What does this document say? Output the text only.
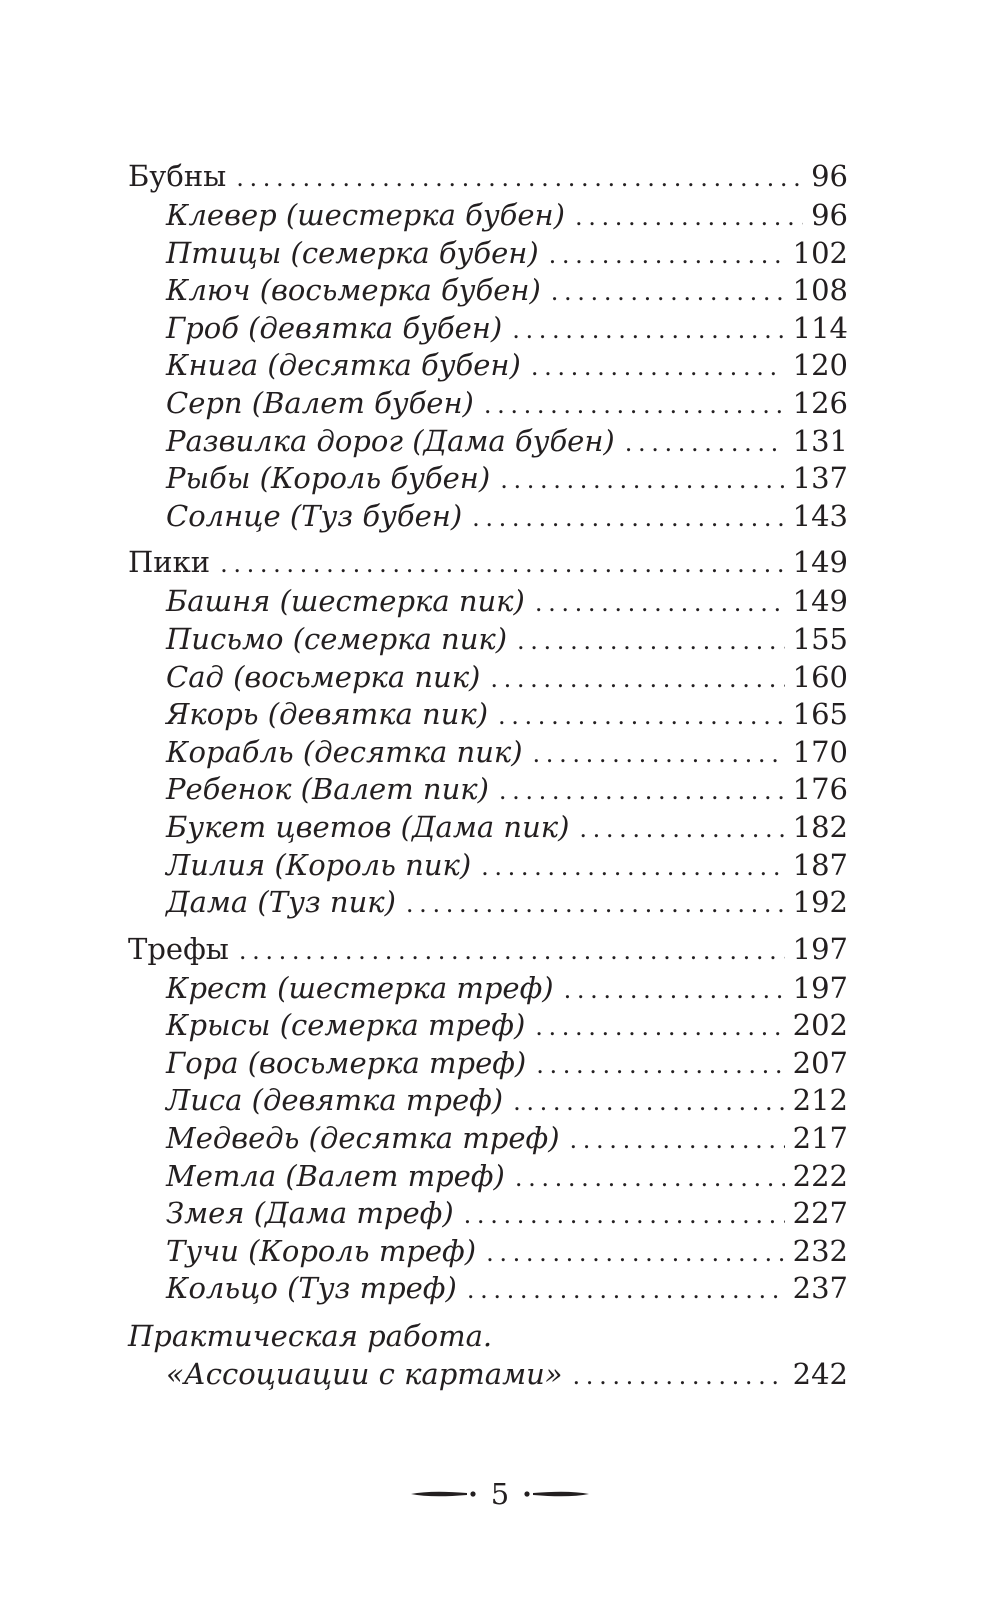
Бубны . . .	96
Клевер (шестерка бубен) . . .	96
Птицы (семерка бубен) . . .	102
Ключ (восьмерка бубен) . . .	108
Гроб (девятка бубен) . . .	114
Книга (десятка бубен) . . .	120
Серп (Валет бубен) . . .	126
Развилка дорог (Дама бубен) . . .	131
Рыбы (Король бубен) . . .	137
Солнце (Туз бубен) . . .	143
Пики . . .	149
Башня (шестерка пик) . . .	149
Письмо (семерка пик) . . .	155
Сад (восьмерка пик) . . .	160
Якорь (девятка пик) . . .	165
Корабль (десятка пик) . . .	170
Ребенок (Валет пик) . . .	176
Букет цветов (Дама пик) . . .	182
Лилия (Король пик) . . .	187
Дама (Туз пик) . . .	192
Трефы . . .	197
Крест (шестерка треф) . . .	197
Крысы (семерка треф) . . .	202
Гора (восьмерка треф) . . .	207
Лиса (девятка треф) . . .	212
Медведь (десятка треф) . . .	217
Метла (Валет треф) . . .	222
Змея (Дама треф) . . .	227
Тучи (Король треф) . . .	232
Кольцо (Туз треф) . . .	237
Практическая работа.
«Ассоциации с картами» . . .	242
5
